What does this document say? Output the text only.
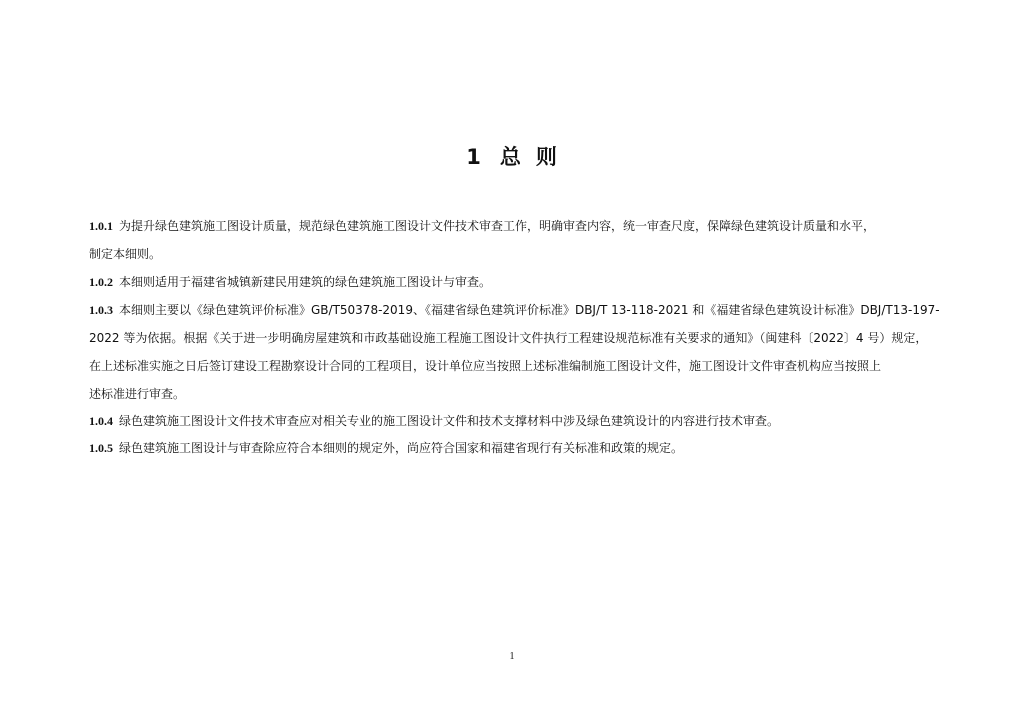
1 总 则
1.0.1 为提升绿色建筑施工图设计质量，规范绿色建筑施工图设计文件技术审查工作，明确审查内容，统一审查尺度，保障绿色建筑设计质量和水平，
制定本细则。
1.0.2 本细则适用于福建省城镇新建民用建筑的绿色建筑施工图设计与审查。
1.0.3 本细则主要以《绿色建筑评价标准》GB/T50378-2019、《福建省绿色建筑评价标准》DBJ/T 13-118-2021 和《福建省绿色建筑设计标准》DBJ/T13-197-
2022 等为依据。根据《关于进一步明确房屋建筑和市政基础设施工程施工图设计文件执行工程建设规范标准有关要求的通知》（闽建科〔2022〕4 号）规定，
在上述标准实施之日后签订建设工程勘察设计合同的工程项目，设计单位应当按照上述标准编制施工图设计文件，施工图设计文件审查机构应当按照上
述标准进行审查。
1.0.4 绿色建筑施工图设计文件技术审查应对相关专业的施工图设计文件和技术支撑材料中涉及绿色建筑设计的内容进行技术审查。
1.0.5 绿色建筑施工图设计与审查除应符合本细则的规定外，尚应符合国家和福建省现行有关标准和政策的规定。
1
